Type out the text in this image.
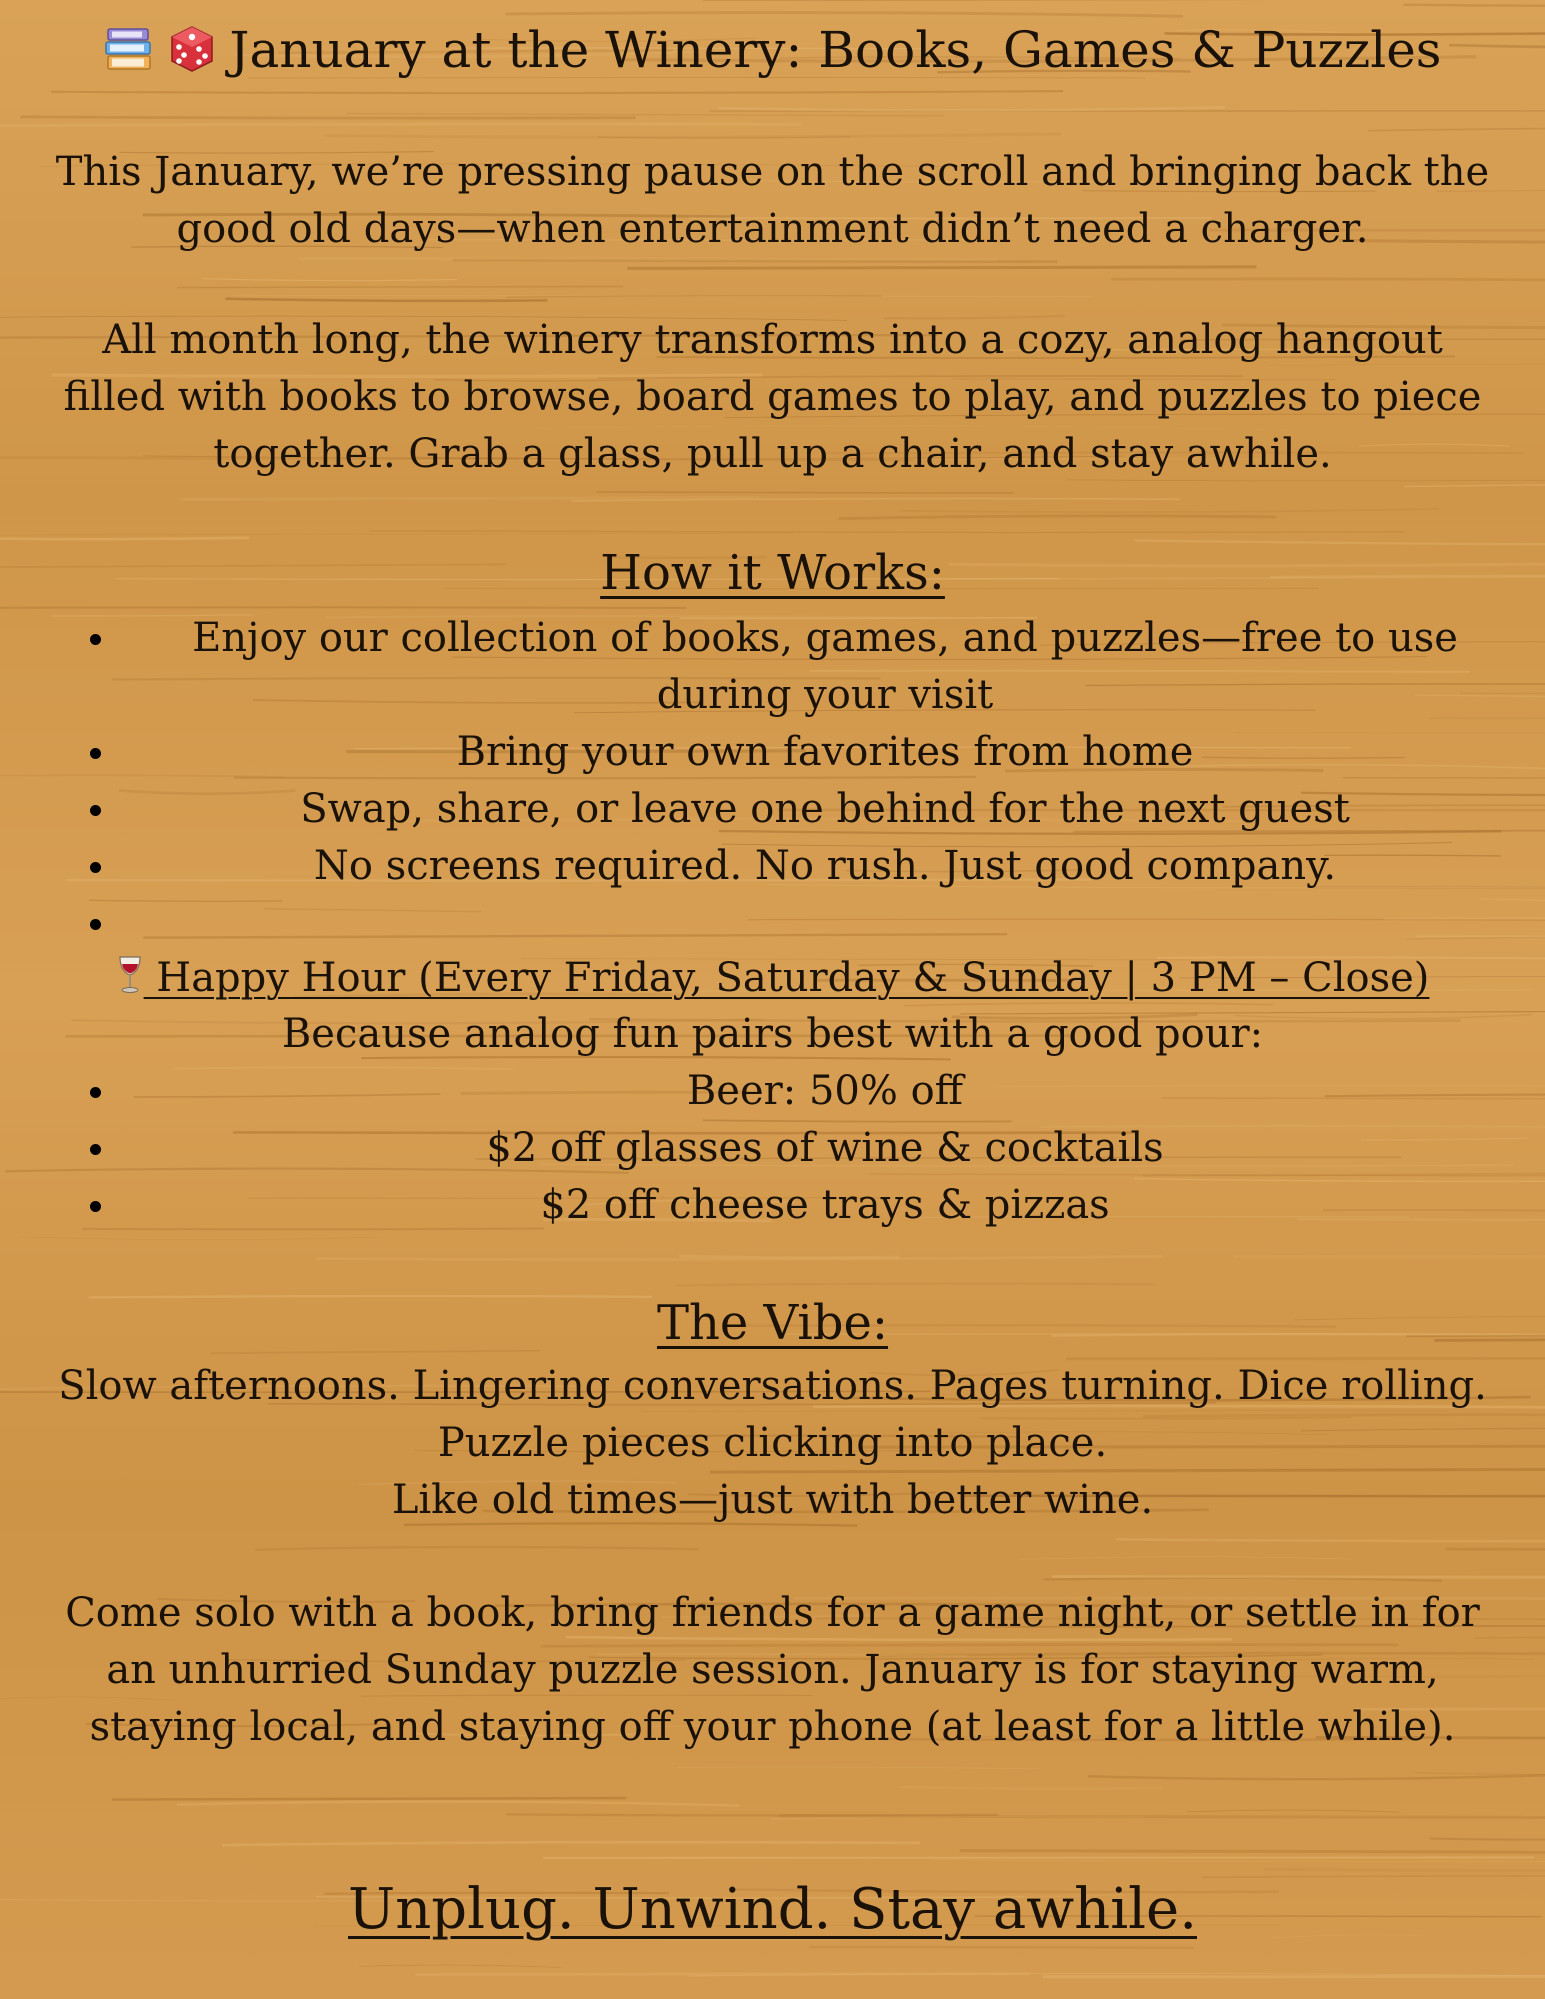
January at the Winery: Books, Games & Puzzles

This January, we’re pressing pause on the scroll and bringing back the good old days—when entertainment didn’t need a charger.

All month long, the winery transforms into a cozy, analog hangout filled with books to browse, board games to play, and puzzles to piece together. Grab a glass, pull up a chair, and stay awhile.

How it Works:
Enjoy our collection of books, games, and puzzles—free to use during your visit
Bring your own favorites from home
Swap, share, or leave one behind for the next guest
No screens required. No rush. Just good company.
Happy Hour (Every Friday, Saturday & Sunday | 3 PM – Close)

Because analog fun pairs best with a good pour:

Beer: 50% off
$2 off glasses of wine & cocktails
$2 off cheese trays & pizzas
The Vibe:

Slow afternoons. Lingering conversations. Pages turning. Dice rolling. Puzzle pieces clicking into place.

Like old times—just with better wine.

Come solo with a book, bring friends for a game night, or settle in for an unhurried Sunday puzzle session. January is for staying warm, staying local, and staying off your phone (at least for a little while).

Unplug. Unwind. Stay awhile.
